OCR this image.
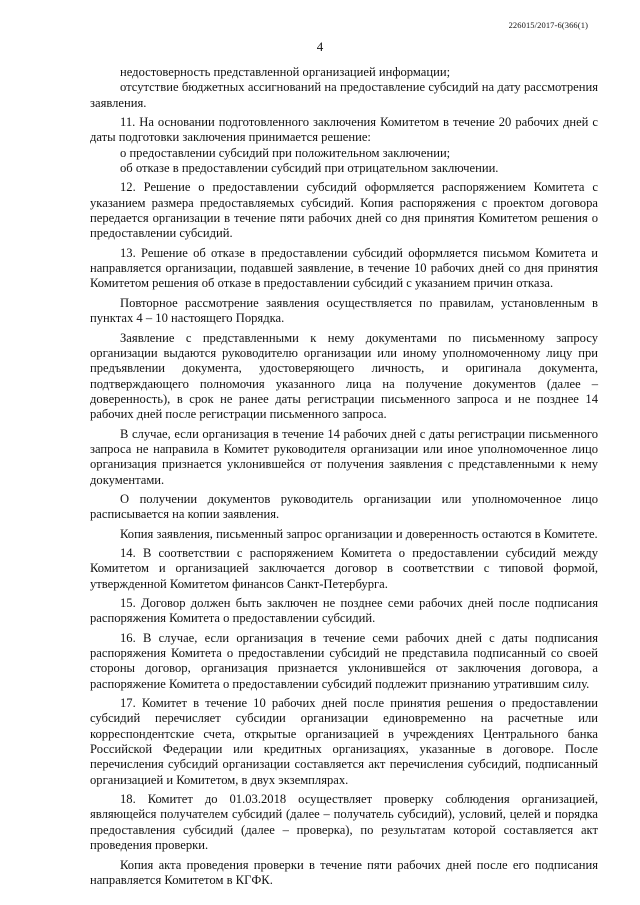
226015/2017-6(366(1)
4

недостоверность представленной организацией информации;

отсутствие бюджетных ассигнований на предоставление субсидий на дату рассмотрения заявления.

11. На основании подготовленного заключения Комитетом в течение 20 рабочих дней с даты подготовки заключения принимается решение:

о предоставлении субсидий при положительном заключении;

об отказе в предоставлении субсидий при отрицательном заключении.

12. Решение о предоставлении субсидий оформляется распоряжением Комитета с указанием размера предоставляемых субсидий. Копия распоряжения с проектом договора передается организации в течение пяти рабочих дней со дня принятия Комитетом решения о предоставлении субсидий.

13. Решение об отказе в предоставлении субсидий оформляется письмом Комитета и направляется организации, подавшей заявление, в течение 10 рабочих дней со дня принятия Комитетом решения об отказе в предоставлении субсидий с указанием причин отказа.

Повторное рассмотрение заявления осуществляется по правилам, установленным в пунктах 4 – 10 настоящего Порядка.

Заявление с представленными к нему документами по письменному запросу организации выдаются руководителю организации или иному уполномоченному лицу при предъявлении документа, удостоверяющего личность, и оригинала документа, подтверждающего полномочия указанного лица на получение документов (далее – доверенность), в срок не ранее даты регистрации письменного запроса и не позднее 14 рабочих дней после регистрации письменного запроса.

В случае, если организация в течение 14 рабочих дней с даты регистрации письменного запроса не направила в Комитет руководителя организации или иное уполномоченное лицо организация признается уклонившейся от получения заявления с представленными к нему документами.

О получении документов руководитель организации или уполномоченное лицо расписывается на копии заявления.

Копия заявления, письменный запрос организации и доверенность остаются в Комитете.

14. В соответствии с распоряжением Комитета о предоставлении субсидий между Комитетом и организацией заключается договор в соответствии с типовой формой, утвержденной Комитетом финансов Санкт-Петербурга.

15. Договор должен быть заключен не позднее семи рабочих дней после подписания распоряжения Комитета о предоставлении субсидий.

16. В случае, если организация в течение семи рабочих дней с даты подписания распоряжения Комитета о предоставлении субсидий не представила подписанный со своей стороны договор, организация признается уклонившейся от заключения договора, а распоряжение Комитета о предоставлении субсидий подлежит признанию утратившим силу.

17. Комитет в течение 10 рабочих дней после принятия решения о предоставлении субсидий перечисляет субсидии организации единовременно на расчетные или корреспондентские счета, открытые организацией в учреждениях Центрального банка Российской Федерации или кредитных организациях, указанные в договоре. После перечисления субсидий организации составляется акт перечисления субсидий, подписанный организацией и Комитетом, в двух экземплярах.

18. Комитет до 01.03.2018 осуществляет проверку соблюдения организацией, являющейся получателем субсидий (далее – получатель субсидий), условий, целей и порядка предоставления субсидий (далее – проверка), по результатам которой составляется акт проведения проверки.

Копия акта проведения проверки в течение пяти рабочих дней после его подписания направляется Комитетом в КГФК.
